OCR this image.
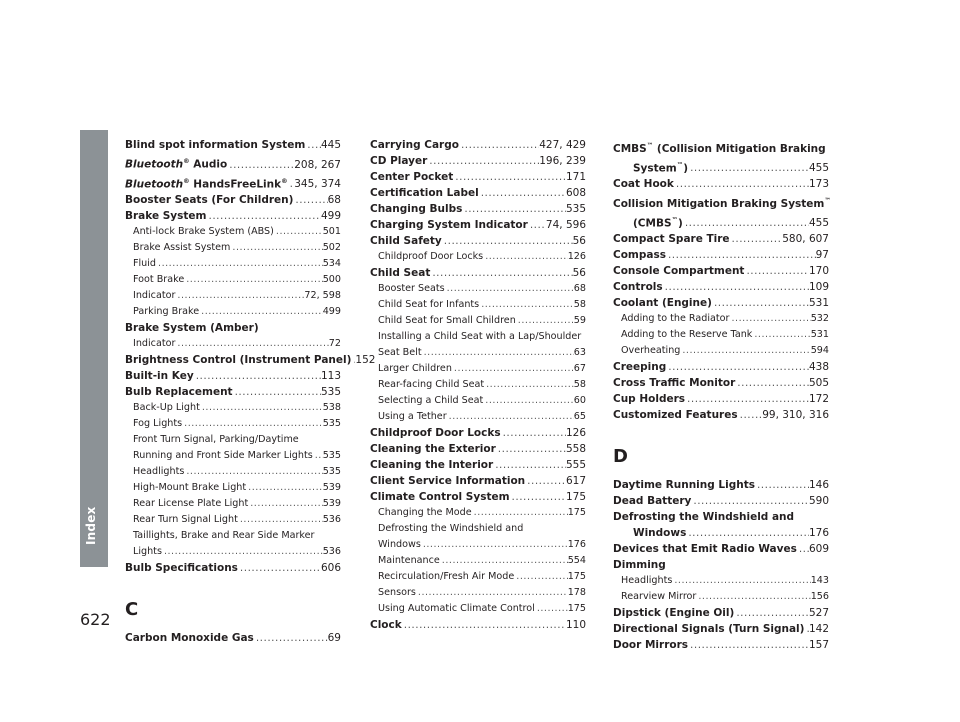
Index
622
Blind spot information System ..... 445
Bluetooth® Audio .....	208, 267
Bluetooth® HandsFreeLink® ..... 345, 374
Booster Seats (For Children) .....	68
Brake System .....	499
Anti-lock Brake System (ABS) .....	501
Brake Assist System .....	502
Fluid .....	534
Foot Brake .....	500
Indicator .....	72, 598
Parking Brake .....	499
Brake System (Amber)
Indicator .....	72
Brightness Control (Instrument Panel) ..... 152
Built-in Key .....	113
Bulb Replacement .....	535
Back-Up Light .....	538
Fog Lights .....	535
Front Turn Signal, Parking/Daytime
Running and Front Side Marker Lights ..... 535
Headlights .....	535
High-Mount Brake Light .....	539
Rear License Plate Light .....	539
Rear Turn Signal Light .....	536
Taillights, Brake and Rear Side Marker
Lights .....	536
Bulb Specifications .....	606
C
Carbon Monoxide Gas .....	69
Carrying Cargo .....	427, 429
CD Player .....	196, 239
Center Pocket .....	171
Certification Label .....	608
Changing Bulbs .....	535
Charging System Indicator ..... 74, 596
Child Safety .....	56
Childproof Door Locks .....	126
Child Seat .....	56
Booster Seats .....	68
Child Seat for Infants .....	58
Child Seat for Small Children .....	59
Installing a Child Seat with a Lap/Shoulder
Seat Belt .....	63
Larger Children .....	67
Rear-facing Child Seat .....	58
Selecting a Child Seat .....	60
Using a Tether .....	65
Childproof Door Locks .....	126
Cleaning the Exterior .....	558
Cleaning the Interior .....	555
Client Service Information .....	617
Climate Control System .....	175
Changing the Mode .....	175
Defrosting the Windshield and
Windows .....	176
Maintenance .....	554
Recirculation/Fresh Air Mode .....	175
Sensors .....	178
Using Automatic Climate Control .....	175
Clock .....	110
CMBS™ (Collision Mitigation Braking
System™) .....	455
Coat Hook .....	173
Collision Mitigation Braking System™
(CMBS™) .....	455
Compact Spare Tire .....	580, 607
Compass .....	97
Console Compartment .....	170
Controls .....	109
Coolant (Engine) .....	531
Adding to the Radiator .....	532
Adding to the Reserve Tank .....	531
Overheating .....	594
Creeping .....	438
Cross Traffic Monitor .....	505
Cup Holders .....	172
Customized Features ..... 99, 310, 316
D
Daytime Running Lights .....	146
Dead Battery .....	590
Defrosting the Windshield and
Windows .....	176
Devices that Emit Radio Waves ..... 609
Dimming
Headlights .....	143
Rearview Mirror .....	156
Dipstick (Engine Oil) .....	527
Directional Signals (Turn Signal) ..... 142
Door Mirrors .....	157
